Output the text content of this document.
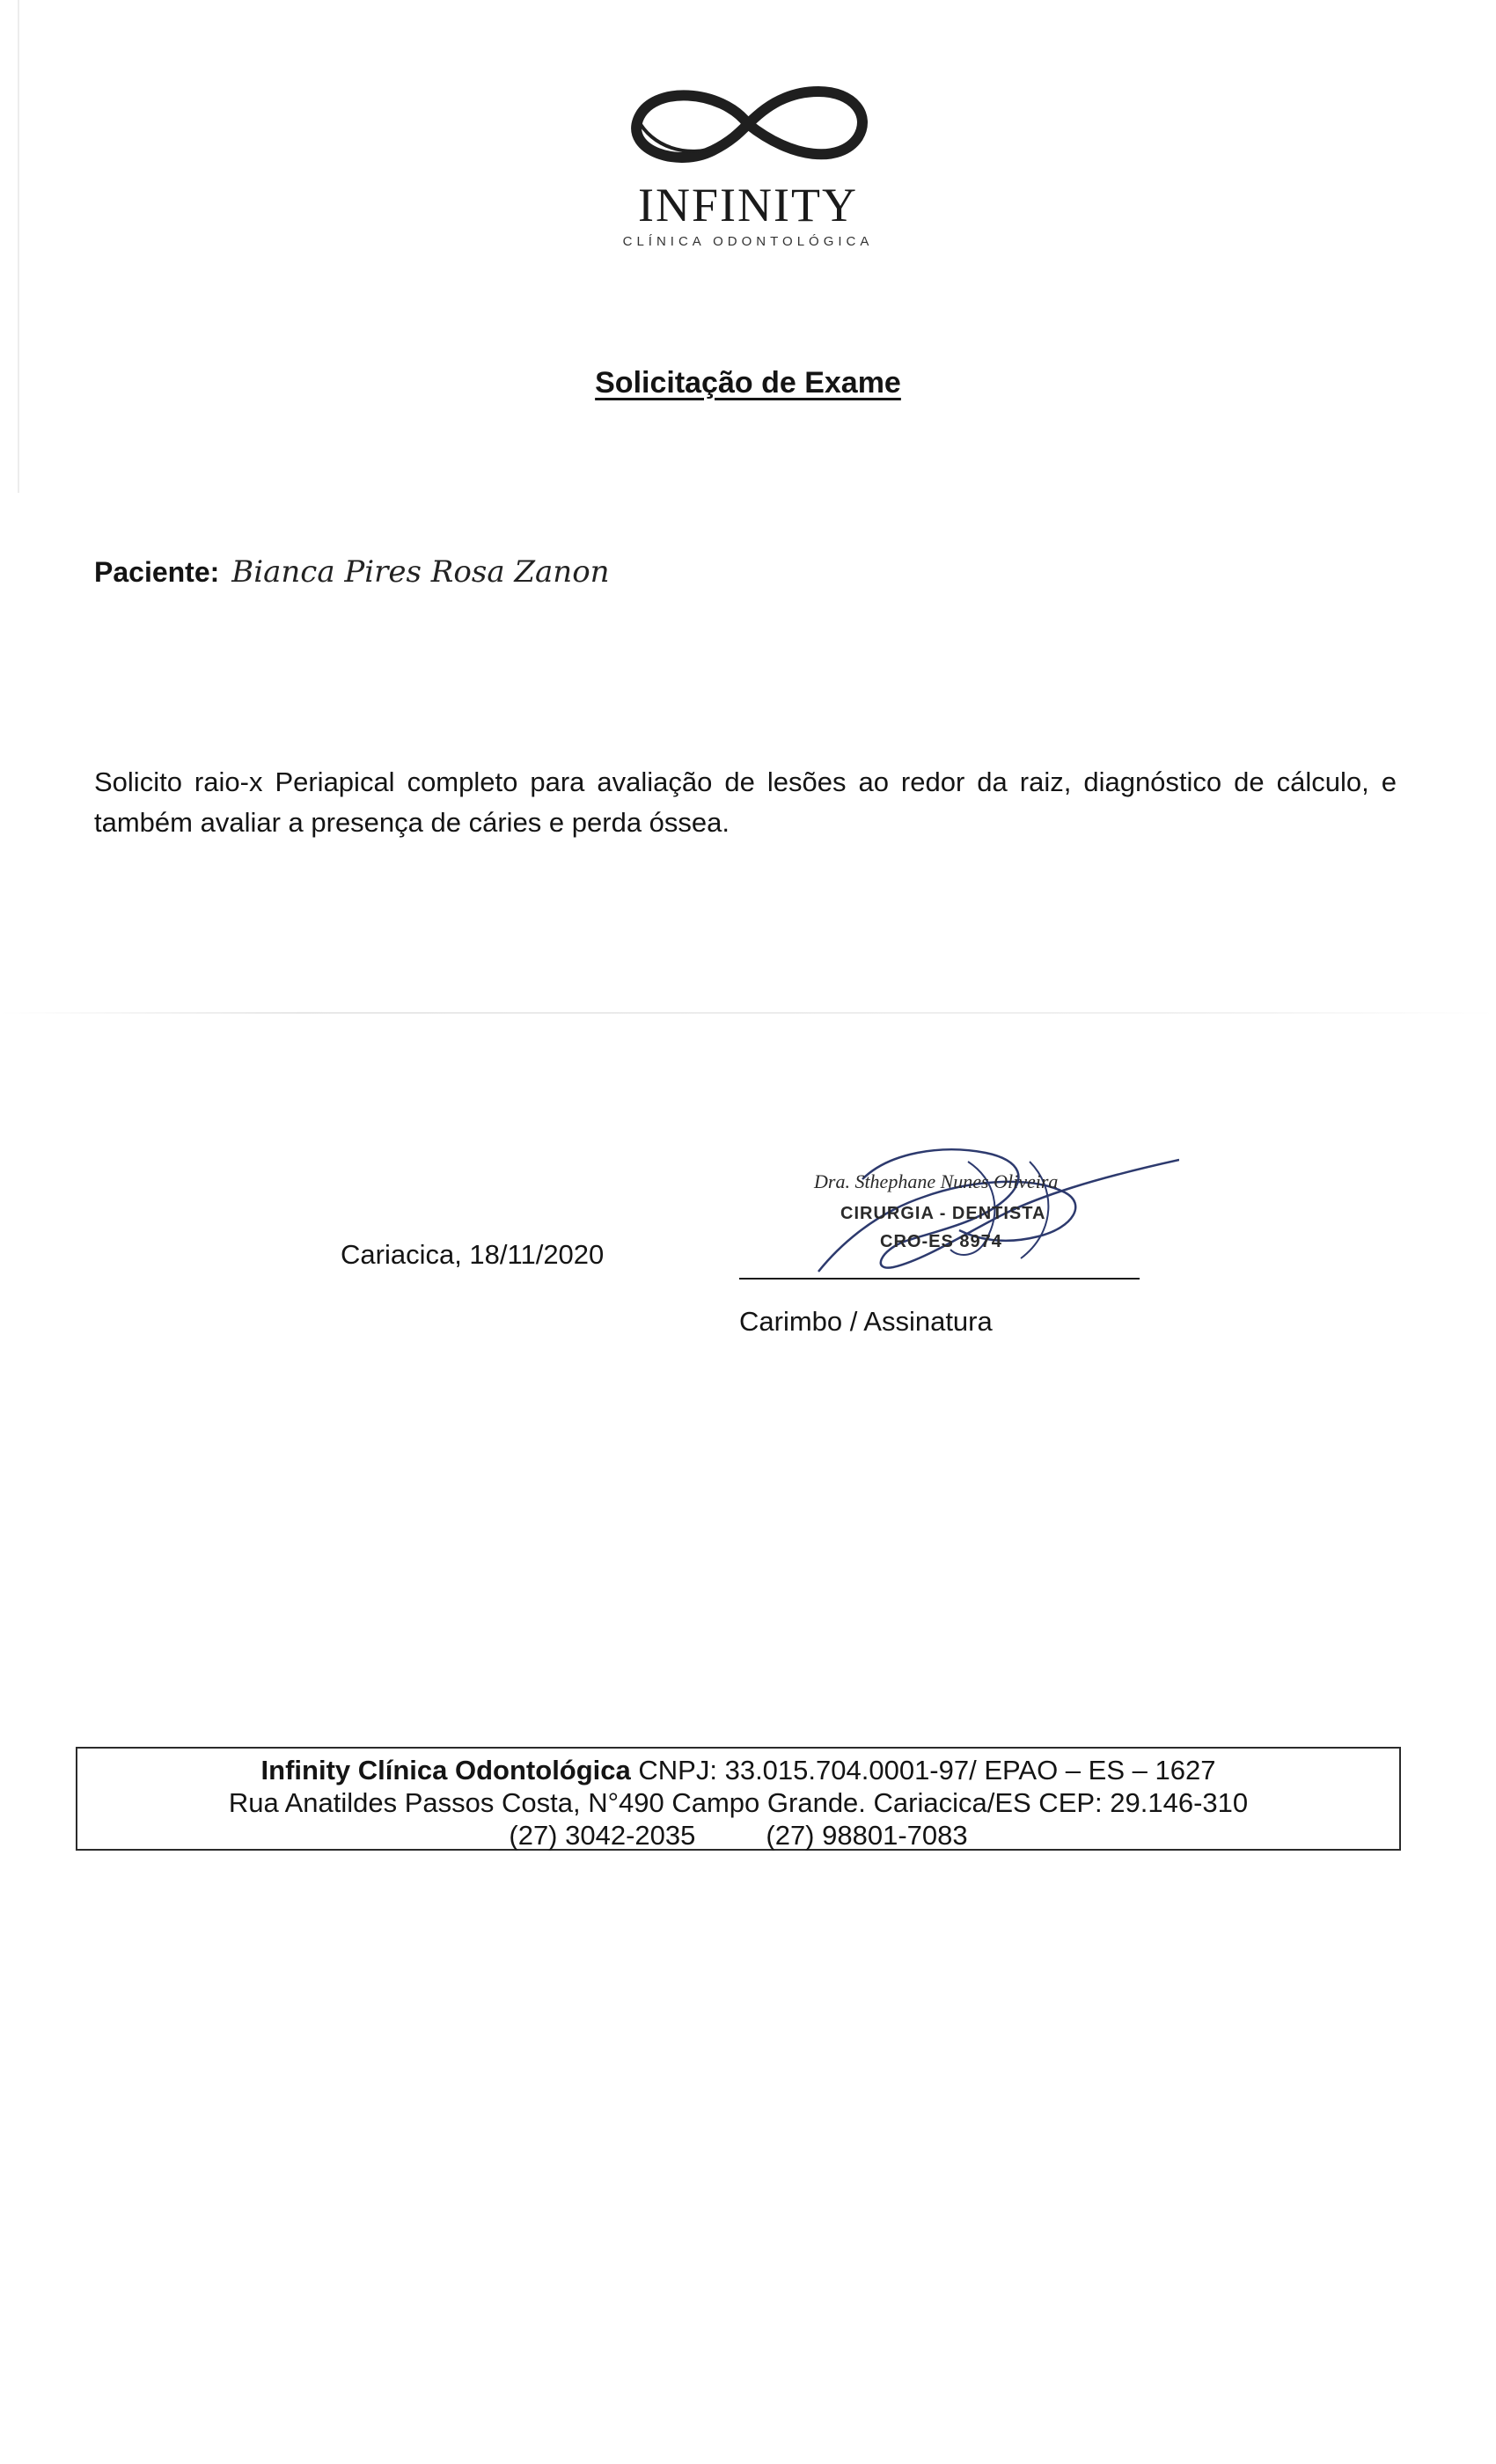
INFINITY
CLÍNICA ODONTOLÓGICA
Solicitação de Exame
Paciente: Bianca Pires Rosa Zanon
Solicito raio-x Periapical completo para avaliação de lesões ao redor da raiz, diagnóstico de cálculo, e também avaliar a presença de cáries e perda óssea.
Cariacica, 18/11/2020
Dra. Sthephane Nunes Oliveira
CIRURGIA - DENTISTA
CRO-ES 8974
Carimbo / Assinatura
Infinity Clínica Odontológica CNPJ: 33.015.704.0001-97/ EPAO – ES – 1627
Rua Anatildes Passos Costa, N°490 Campo Grande. Cariacica/ES CEP: 29.146-310
(27) 3042-2035	(27) 98801-7083
